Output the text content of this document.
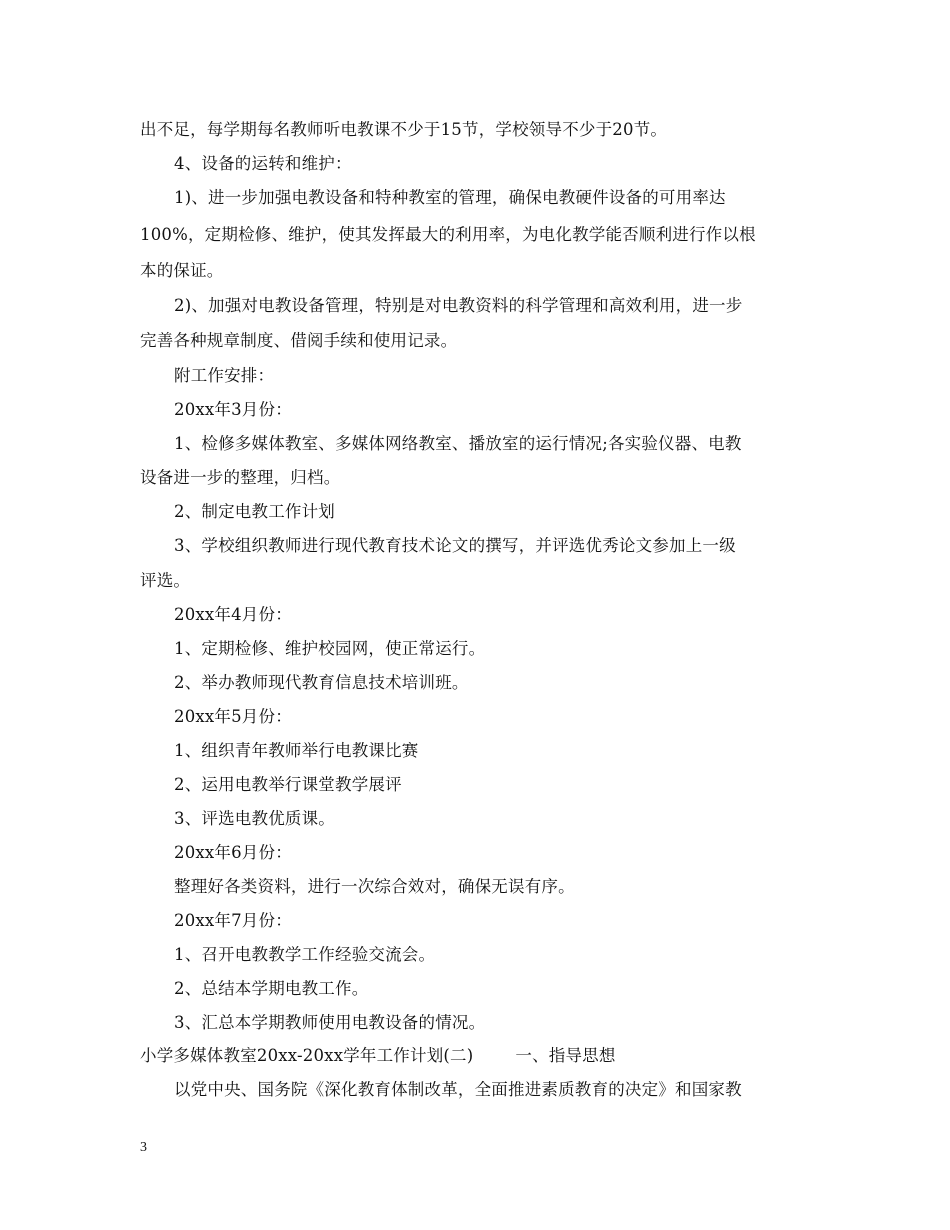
出不足，每学期每名教师听电教课不少于15节，学校领导不少于20节。
4、设备的运转和维护：
1)、进一步加强电教设备和特种教室的管理，确保电教硬件设备的可用率达
100%，定期检修、维护，使其发挥最大的利用率，为电化教学能否顺利进行作以根
本的保证。
2)、加强对电教设备管理，特别是对电教资料的科学管理和高效利用，进一步
完善各种规章制度、借阅手续和使用记录。
附工作安排：
20xx年3月份：
1、检修多媒体教室、多媒体网络教室、播放室的运行情况;各实验仪器、电教
设备进一步的整理，归档。
2、制定电教工作计划
3、学校组织教师进行现代教育技术论文的撰写，并评选优秀论文参加上一级
评选。
20xx年4月份：
1、定期检修、维护校园网，使正常运行。
2、举办教师现代教育信息技术培训班。
20xx年5月份：
1、组织青年教师举行电教课比赛
2、运用电教举行课堂教学展评
3、评选电教优质课。
20xx年6月份：
整理好各类资料，进行一次综合效对，确保无误有序。
20xx年7月份：
1、召开电教教学工作经验交流会。
2、总结本学期电教工作。
3、汇总本学期教师使用电教设备的情况。
小学多媒体教室20xx-20xx学年工作计划(二)	一、指导思想
以党中央、国务院《深化教育体制改革，全面推进素质教育的决定》和国家教
3
